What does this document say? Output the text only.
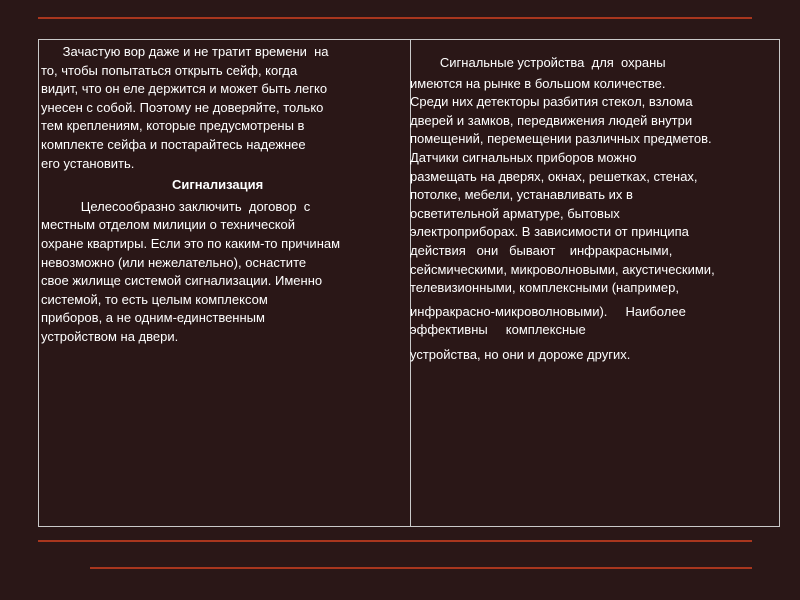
Зачастую вор даже и не тратит времени  на
то, чтобы попытаться открыть сейф, когда
видит, что он еле держится и может быть легко
унесен с собой. Поэтому не доверяйте, только
тем креплениям, которые предусмотрены в
комплекте сейфа и постарайтесь надежнее
его установить.
Сигнализация
Целесообразно заключить  договор  с
местным отделом милиции о технической
охране квартиры. Если это по каким-то причинам
невозможно (или нежелательно), оснастите
свое жилище системой сигнализации. Именно
системой, то есть целым комплексом
приборов, а не одним-единственным
устройством на двери.
Сигнальные устройства  для  охраны
имеются на рынке в большом количестве.
Среди них детекторы разбития стекол, взлома
дверей и замков, передвижения людей внутри
помещений, перемещении различных предметов.
Датчики сигнальных приборов можно
размещать на дверях, окнах, решетках, стенах,
потолке, мебели, устанавливать их в
осветительной арматуре, бытовых
электроприборах. В зависимости от принципа
действия   они   бывают    инфракрасными,
сейсмическими, микроволновыми, акустическими,
телевизионными, комплексными (например,
инфракрасно-микроволновыми).     Наиболее
эффективны     комплексные
устройства, но они и дороже других.
